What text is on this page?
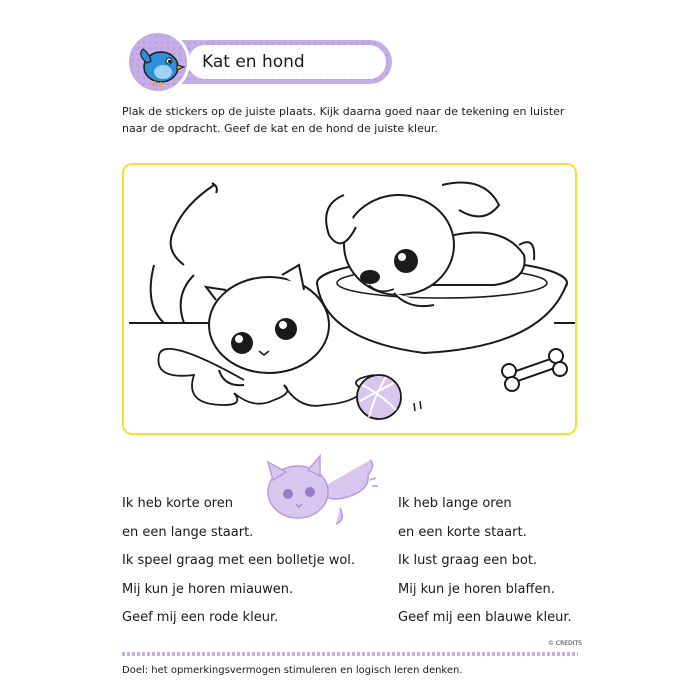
Kat en hond
Plak de stickers op de juiste plaats. Kijk daarna goed naar de tekening en luister naar de opdracht. Geef de kat en de hond de juiste kleur.
Ik heb korte oren
en een lange staart.
Ik speel graag met een bolletje wol.
Mij kun je horen miauwen.
Geef mij een rode kleur.
Ik heb lange oren
en een korte staart.
Ik lust graag een bot.
Mij kun je horen blaffen.
Geef mij een blauwe kleur.
© CREDITS
Doel: het opmerkingsvermogen stimuleren en logisch leren denken.
